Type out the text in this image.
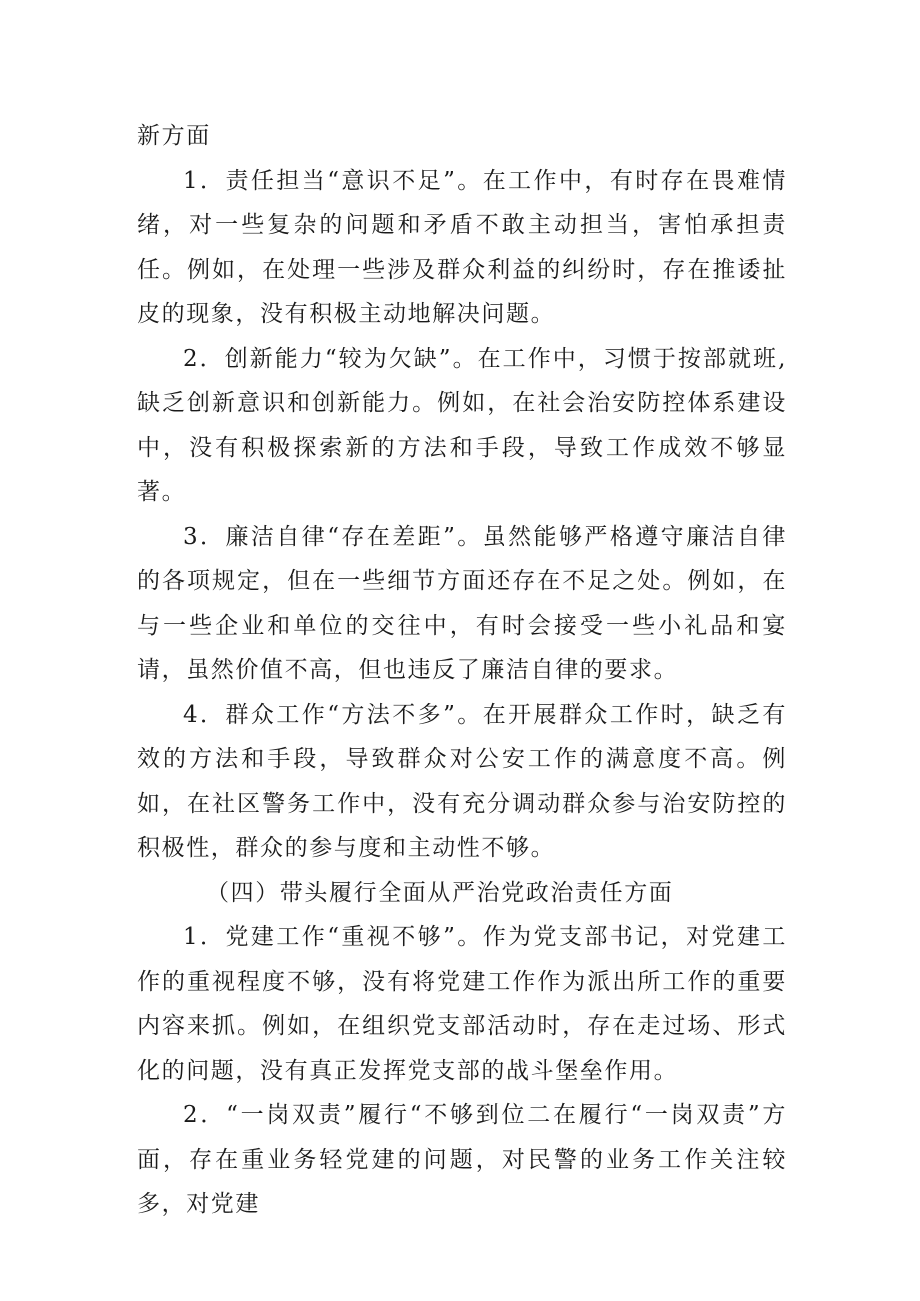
新方面

1．责任担当“意识不足”。在工作中，有时存在畏难情绪，对一些复杂的问题和矛盾不敢主动担当，害怕承担责任。例如，在处理一些涉及群众利益的纠纷时，存在推诿扯皮的现象，没有积极主动地解决问题。

2．创新能力“较为欠缺”。在工作中，习惯于按部就班,缺乏创新意识和创新能力。例如，在社会治安防控体系建设中，没有积极探索新的方法和手段，导致工作成效不够显著。

3．廉洁自律“存在差距”。虽然能够严格遵守廉洁自律的各项规定，但在一些细节方面还存在不足之处。例如，在与一些企业和单位的交往中，有时会接受一些小礼品和宴请，虽然价值不高，但也违反了廉洁自律的要求。

4．群众工作“方法不多”。在开展群众工作时，缺乏有效的方法和手段，导致群众对公安工作的满意度不高。例如，在社区警务工作中，没有充分调动群众参与治安防控的积极性，群众的参与度和主动性不够。

（四）带头履行全面从严治党政治责任方面

1．党建工作“重视不够”。作为党支部书记，对党建工作的重视程度不够，没有将党建工作作为派出所工作的重要内容来抓。例如，在组织党支部活动时，存在走过场、形式化的问题，没有真正发挥党支部的战斗堡垒作用。

2．“一岗双责”履行“不够到位二在履行“一岗双责”方面，存在重业务轻党建的问题，对民警的业务工作关注较多，对党建
